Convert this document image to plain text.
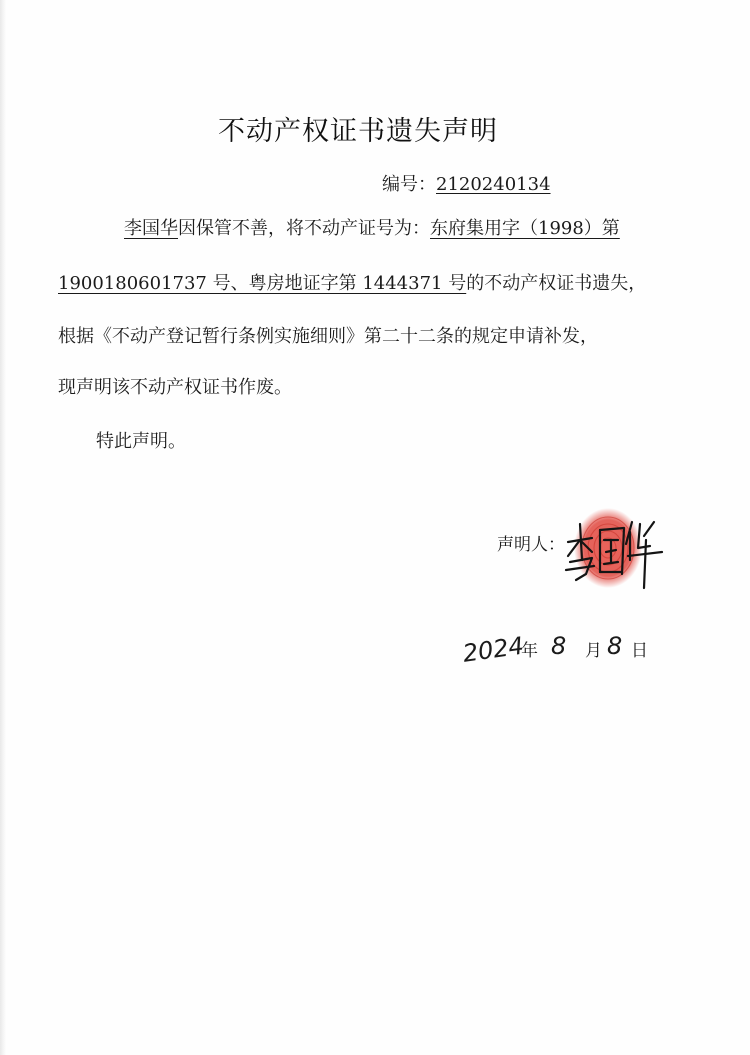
不动产权证书遗失声明
编号：2120240134
李国华因保管不善，将不动产证号为：东府集用字（1998）第
1900180601737 号、粤房地证字第 1444371 号的不动产权证书遗失，
根据《不动产登记暂行条例实施细则》第二十二条的规定申请补发，
现声明该不动产权证书作废。
特此声明。
声明人：
2024
年 8 月 8 日
